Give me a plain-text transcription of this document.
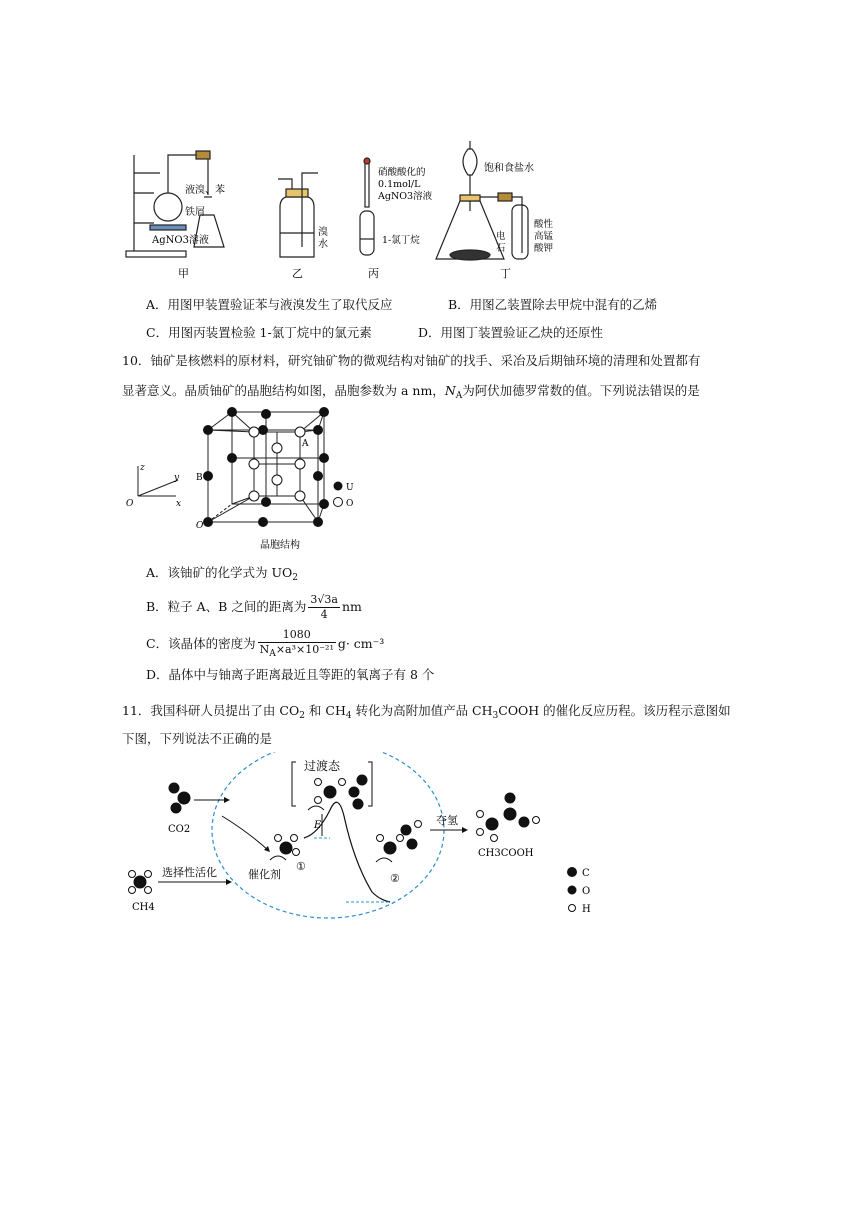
液溴、苯
铁屑
AgNO3溶液
甲
溴
水
乙
硝酸酸化的
0.1mol/L
AgNO3溶液
1-氯丁烷
丙
饱和食盐水
电
石
酸性
高锰
酸钾
丁
A．用图甲装置验证苯与液溴发生了取代反应	B．用图乙装置除去甲烷中混有的乙烯
C．用图丙装置检验 1-氯丁烷中的氯元素	D．用图丁装置验证乙炔的还原性
10．铀矿是核燃料的原材料，研究铀矿物的微观结构对铀矿的找手、采冶及后期铀环境的清理和处置都有
显著意义。晶质铀矿的晶胞结构如图，晶胞参数为 a nm，$N_A$为阿伏加德罗常数的值。下列说法错误的是
z
y
x
O
A
B
O
U
O
晶胞结构
A．该铀矿的化学式为 $UO_2$
B．粒子 A、B 之间的距离为 $\frac{3√3a}{4}$ nm
C．该晶体的密度为 $\frac{1080}{N_A\times a^3\times 10^{-21}} g\cdot cm^{-3}$
D．晶体中与铀离子距离最近且等距的氧离子有 8 个
11．我国科研人员提出了由 $CO_2$ 和 $CH_4$ 转化为高附加值产品 $CH_3COOH$ 的催化反应历程。该历程示意图如
下图，下列说法不正确的是
CO2
CH4
选择性活化	催化剂
①
E
过渡态
②
夺氢
CH3COOH
C
O
H
